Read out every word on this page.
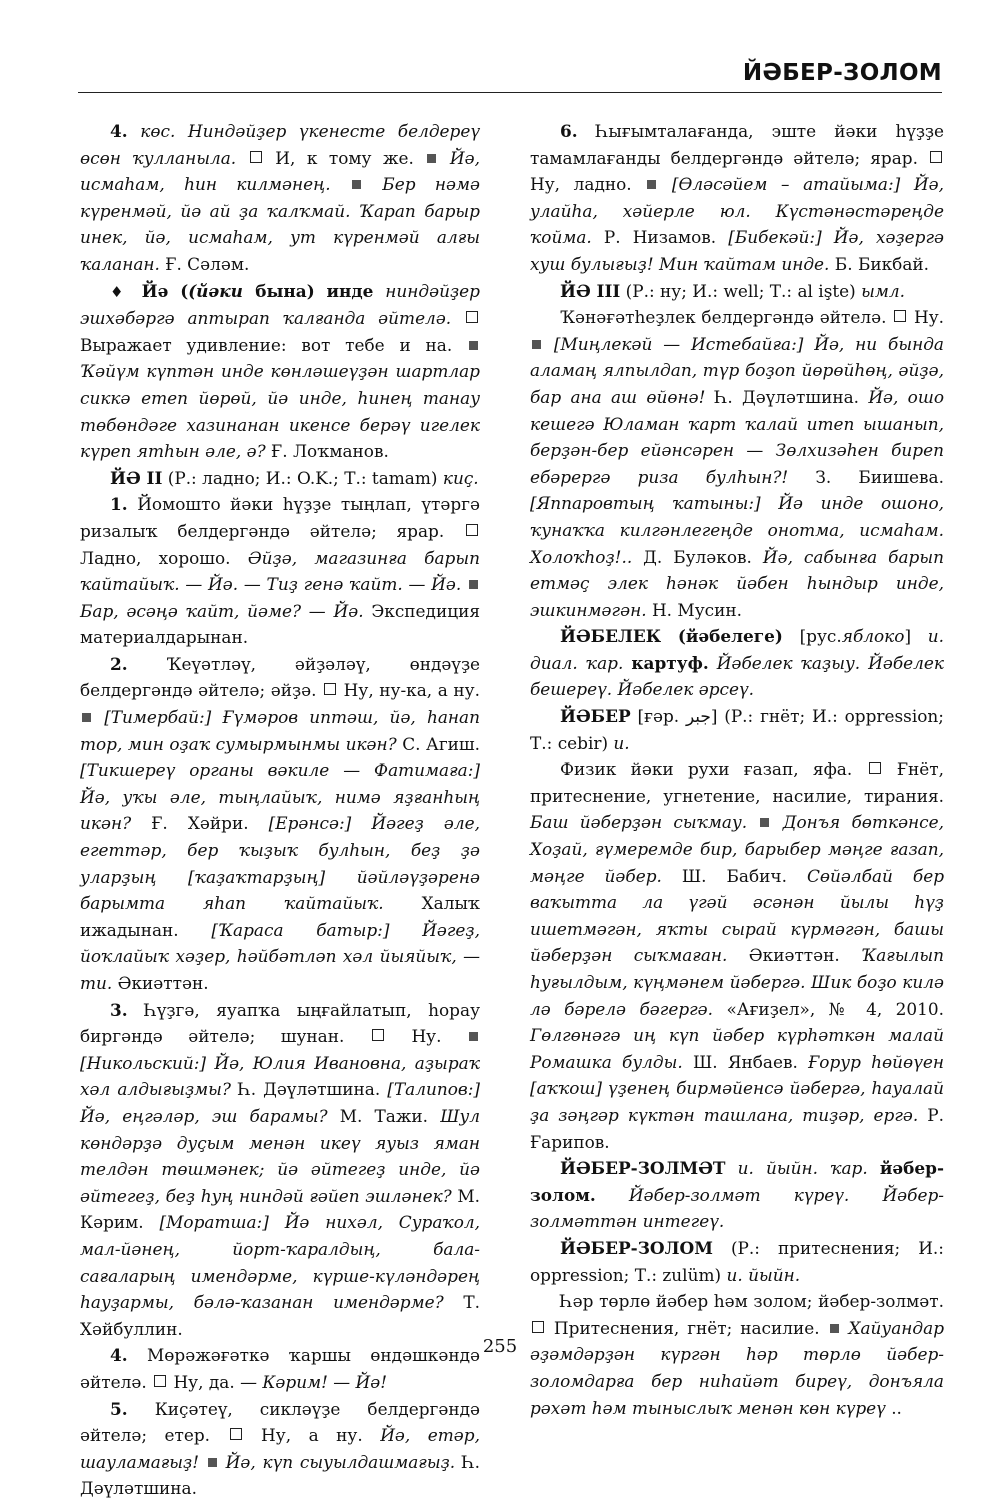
ЙӘБЕР-ЗОЛОМ

4. көс. Ниндәйҙер үкенесте белдереү өсөн ҡулланыла. И, к тому же. Йә, исмаһам, һин килмәнең.	Бер нәмә күренмәй, йә ай ҙа ҡалҡмай. Ҡарап барыр инек, йә, исмаһам, ут күренмәй алғы ҡаланан. Ғ. Сәләм.

♦ Йә ((йәки бына) инде ниндәйҙер эшхәбәргә аптырап ҡалғанда әйтелә.  Выражает удивление: вот тебе и на.  Ҡәйүм күптән инде көнләшеүҙән шартлар сиккә етеп йөрөй, йә инде, һинең танау төбөндәге хазинанан икенсе берәү игелек күреп ятһын әле, ә? Ғ. Лоҡманов.

ЙӘ II (Р.: ладно; И.: O.K.; Т.: tamam) киҫ.

1. Йомошто йәки һүҙҙе тыңлап, үтәргә ризалыҡ белдергәндә әйтелә; ярар.  Ладно, хорошо. Әйҙә, магазинға барып ҡайтайыҡ. — Йә. — Тиҙ генә ҡайт. — Йә.  Бар, әсәңә ҡайт, йәме? — Йә. Экспедиция материалдарынан.

2. Ҡеүәтләү, әйҙәләү, өндәүҙе белдергәндә әйтелә; әйҙә. Ну, ну-ка, а ну.  [Тимербай:] Ғүмәров иптәш, йә, һанап тор, мин оҙаҡ сумырмынмы икән? С. Агиш. [Тикшереү органы вәкиле — Фатимаға:] Йә, уҡы әле, тыңлайыҡ, нимә яҙғанһың икән? Ғ. Хәйри. [Ерәнсә:] Йәгеҙ әле, егеттәр, бер ҡыҙыҡ булһын, беҙ ҙә уларҙың [ҡаҙаҡтарҙың] йәйләүҙәренә барымта яһап ҡайтайыҡ. Халыҡ ижадынан. [Ҡараса батыр:] Йәгеҙ, йоҡлайыҡ хәҙер, һәйбәтләп хәл йыяйыҡ, — ти. Әкиәттән.

3. Һүҙгә, яуапҡа ыңғайлатып, һорау биргәндә әйтелә; шунан.	Ну.  [Никольский:] Йә, Юлия Ивановна, аҙыраҡ хәл алдығыҙмы? Һ. Дәүләтшина. [Талипов:] Йә, еңгәләр, эш барамы? М. Тажи. Шул көндәрҙә дуҫым менән икеү яуыз яман телдән төшмәнек; йә әйтегеҙ инде, йә әйтегеҙ, беҙ һуң ниндәй ғәйеп эшләнек? М. Кәрим. [Моратша:] Йә нихәл, Сураҡол, мал-йәнең, йорт-ҡаралдың, бала-сағаларың имендәрме, күрше-күләндәрең һауҙармы, бәлә-ҡазанан имендәрме? Т. Хәйбуллин.

4. Мөрәжәғәткә ҡаршы өндәшкәндә әйтелә. Ну, да. — Кәрим! — Йә!

5. Киҫәтеү, сикләүҙе белдергәндә әйтелә; етер.	Ну, а ну. Йә, етәр, шауламағыҙ! Йә, күп сыуылдашмағыҙ. Һ. Дәүләтшина.

6. Һығымталағанда, эште йәки һүҙҙе тамамлағанды белдергәндә әйтелә; ярар.  Ну, ладно. [Өләсәйем – атайыма:] Йә, улайһа, хәйерле юл. Күстәнәстәреңде ҡойма. Р. Низамов. [Бибекәй:] Йә, хәҙергә хуш булығыҙ! Мин ҡайтам инде. Б. Бикбай.

ЙӘ III (Р.: ну; И.: well; Т.: al işte) ымл.

Ҡәнәғәтһеҙлек белдергәндә әйтелә. Ну.  [Миңлекәй — Истебайға:] Йә, ни бында аламаң ялпылдап, түр боҙоп йөрөйһөң, әйҙә, бар ана аш өйөнә! Һ. Дәүләтшина. Йә, ошо кешегә Юламан ҡарт ҡалай итеп ышанып, берҙән-бер ейәнсәрен — Зөлхизәһен биреп ебәрергә риза булһын?! З. Биишева. [Яппаровтың ҡатыны:] Йә инде ошоно, ҡунаҡҡа килгәнлегеңде онотма, исмаһам. Холоҡһоҙ!.. Д. Буләков. Йә, сабынға барып етмәҫ элек һәнәк йәбен һындыр инде, эшкинмәгән. Н. Мусин.

ЙӘБЕЛЕК (йәбелеге) [рус.яблоко] и. диал. ҡар. картуф. Йәбелек ҡаҙыу. Йәбелек бешереү. Йәбелек әрсеү.

ЙӘБЕР [ғәр. جبر] (Р.: гнёт; И.: oppression; Т.: cebir) и.

Физик йәки рухи ғазап, яфа.	Ғнёт, притеснение, угнетение, насилие, тирания. Баш йәберҙән сыҡмау. Донъя бөткәнсе, Хоҙай, ғүмеремде бир, барыбер мәңге ғазап, мәңге йәбер. Ш. Бабич. Сөйәлбай бер ваҡытта ла үгәй әсәнән йылы һүҙ ишетмәгән, яҡты сырай күрмәгән, башы йәберҙән сыҡмаған. Әкиәттән. Ҡағылып һуғылдым, күңмәнем йәбергә. Шик боҙо килә лә бәрелә бәгергә. «Ағиҙел», № 4, 2010. Гөлгөнәгә иң күп йәбер күрһәткән малай Ромашка булды. Ш. Янбаев. Ғорур һөйөүен [аҡҡош] үҙенең бирмәйенсә йәбергә, һауалай ҙа зәңгәр күктән ташлана, тиҙәр, ергә. Р. Ғарипов.

ЙӘБЕР-ЗОЛМӘТ и. йыйн. ҡар. йәбер-золом. Йәбер-золмәт күреү. Йәбер-золмәттән интегеү.

ЙӘБЕР-ЗОЛОМ (Р.: притеснения; И.: oppression; Т.: zulüm) и. йыйн.

Һәр төрлө йәбер һәм золом; йәбер-золмәт.  Притеснения, гнёт; насилие. Хайуандар әҙәмдәрҙән күргән һәр төрлө йәбер-золомдарға бер ниһайәт биреү, донъяла рәхәт һәм тыныслыҡ менән көн күреү ..

255
